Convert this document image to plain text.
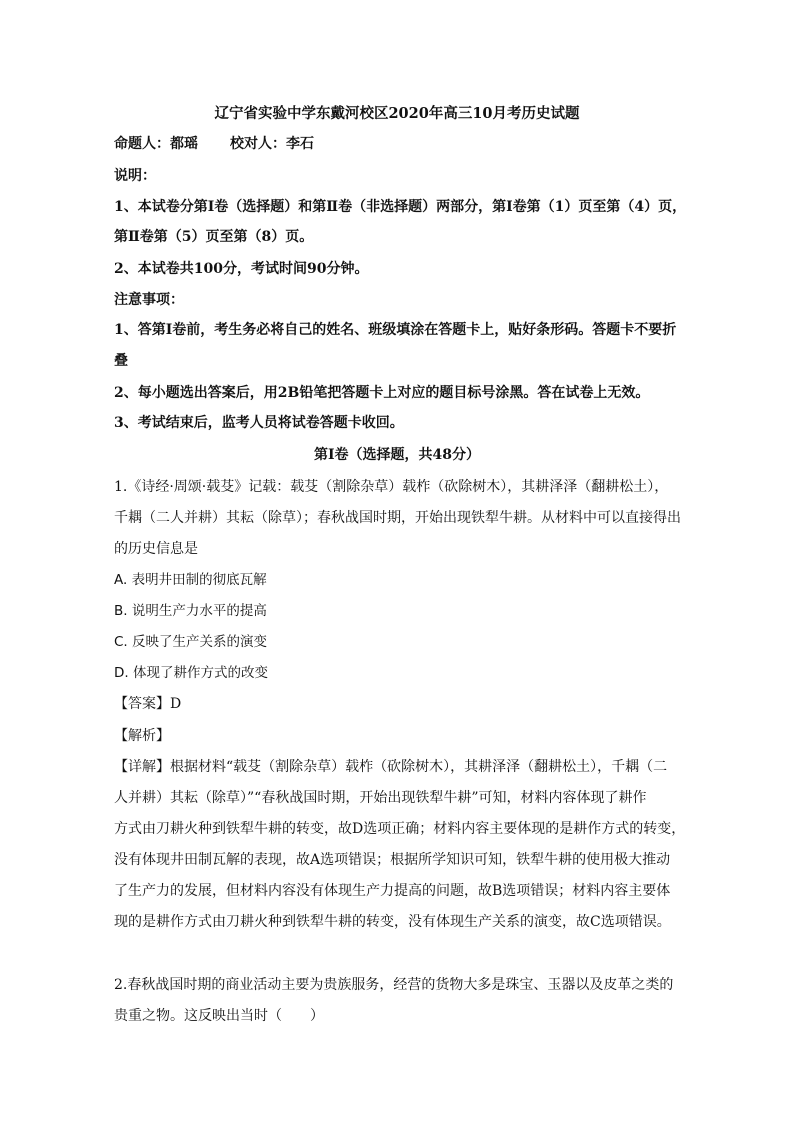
辽宁省实验中学东戴河校区2020年高三10月考历史试题
命题人：都瑶 校对人：李石
说明：
1、本试卷分第Ⅰ卷（选择题）和第Ⅱ卷（非选择题）两部分，第Ⅰ卷第（1）页至第（4）页，
第Ⅱ卷第（5）页至第（8）页。
2、本试卷共100分，考试时间90分钟。
注意事项：
1、答第Ⅰ卷前，考生务必将自己的姓名、班级填涂在答题卡上，贴好条形码。答题卡不要折
叠
2、每小题选出答案后，用2B铅笔把答题卡上对应的题目标号涂黑。答在试卷上无效。
3、考试结束后，监考人员将试卷答题卡收回。
第Ⅰ卷（选择题，共48分）
1.《诗经·周颂·载芟》记载：载芟（割除杂草）载柞（砍除树木），其耕泽泽（翻耕松土），
千耦（二人并耕）其耘（除草）；春秋战国时期，开始出现铁犁牛耕。从材料中可以直接得出
的历史信息是
A. 表明井田制的彻底瓦解
B. 说明生产力水平的提高
C. 反映了生产关系的演变
D. 体现了耕作方式的改变
【答案】D
【解析】
【详解】根据材料“载芟（割除杂草）载柞（砍除树木），其耕泽泽（翻耕松土），千耦（二
人并耕）其耘（除草）”“春秋战国时期，开始出现铁犁牛耕”可知，材料内容体现了耕作
方式由刀耕火种到铁犁牛耕的转变，故D选项正确；材料内容主要体现的是耕作方式的转变，
没有体现井田制瓦解的表现，故A选项错误；根据所学知识可知，铁犁牛耕的使用极大推动
了生产力的发展，但材料内容没有体现生产力提高的问题，故B选项错误；材料内容主要体
现的是耕作方式由刀耕火种到铁犁牛耕的转变，没有体现生产关系的演变，故C选项错误。
2.春秋战国时期的商业活动主要为贵族服务，经营的货物大多是珠宝、玉器以及皮革之类的
贵重之物。这反映出当时（　　）
